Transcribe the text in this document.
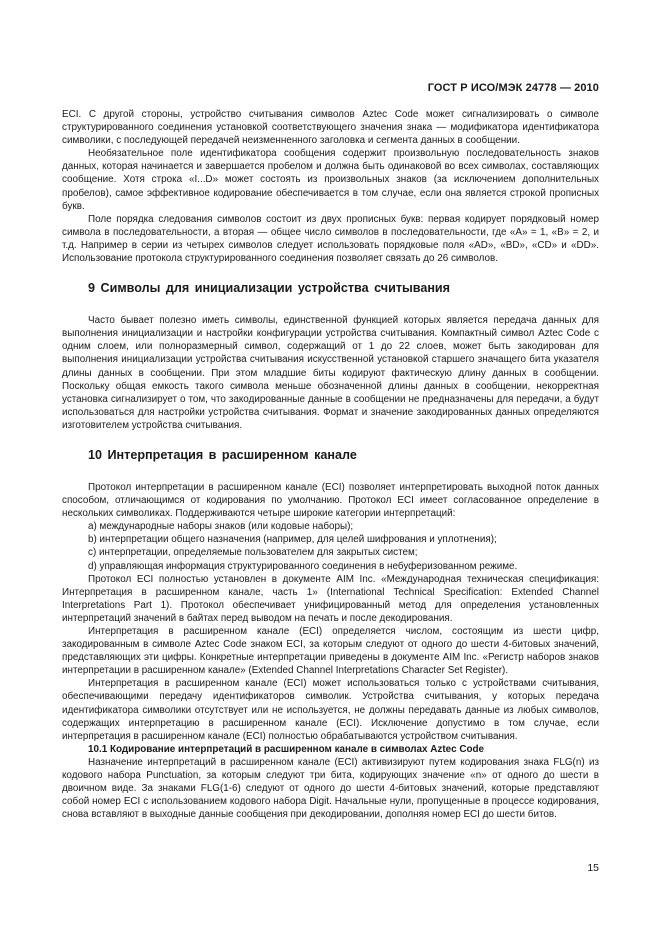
ГОСТ Р ИСО/МЭК 24778 — 2010

ECI. С другой стороны, устройство считывания символов Aztec Code может сигнализировать о символе структурированного соединения установкой соответствующего значения знака — модификатора идентификатора символики, с последующей передачей неизменненного заголовка и сегмента данных в сообщении.

Необязательное поле идентификатора сообщения содержит произвольную последовательность знаков данных, которая начинается и завершается пробелом и должна быть одинаковой во всех символах, составляющих сообщение. Хотя строка «I...D» может состоять из произвольных знаков (за исключением дополнительных пробелов), самое эффективное кодирование обеспечивается в том случае, если она является строкой прописных букв.

Поле порядка следования символов состоит из двух прописных букв: первая кодирует порядковый номер символа в последовательности, а вторая — общее число символов в последовательности, где «A» = 1, «B» = 2, и т.д. Например в серии из четырех символов следует использовать порядковые поля «AD», «BD», «CD» и «DD». Использование протокола структурированного соединения позволяет связать до 26 символов.

9 Символы для инициализации устройства считывания

Часто бывает полезно иметь символы, единственной функцией которых является передача данных для выполнения инициализации и настройки конфигурации устройства считывания. Компактный символ Aztec Code с одним слоем, или полноразмерный символ, содержащий от 1 до 22 слоев, может быть закодирован для выполнения инициализации устройства считывания искусственной установкой старшего значащего бита указателя длины данных в сообщении. При этом младшие биты кодируют фактическую длину данных в сообщении. Поскольку общая емкость такого символа меньше обозначенной длины данных в сообщении, некорректная установка сигнализирует о том, что закодированные данные в сообщении не предназначены для передачи, а будут использоваться для настройки устройства считывания. Формат и значение закодированных данных определяются изготовителем устройства считывания.

10 Интерпретация в расширенном канале

Протокол интерпретации в расширенном канале (ECI) позволяет интерпретировать выходной поток данных способом, отличающимся от кодирования по умолчанию. Протокол ECI имеет согласованное определение в нескольких символиках. Поддерживаются четыре широкие категории интерпретаций:

a) международные наборы знаков (или кодовые наборы);

b) интерпретации общего назначения (например, для целей шифрования и уплотнения);

c) интерпретации, определяемые пользователем для закрытых систем;

d) управляющая информация структурированного соединения в небуферизованном режиме.

Протокол ECI полностью установлен в документе AIM Inc. «Международная техническая спецификация: Интерпретация в расширенном канале, часть 1» (International Technical Specification: Extended Channel Interpretations Part 1). Протокол обеспечивает унифицированный метод для определения установленных интерпретаций значений в байтах перед выводом на печать и после декодирования.

Интерпретация в расширенном канале (ECI) определяется числом, состоящим из шести цифр, закодированным в символе Aztec Code знаком ECI, за которым следуют от одного до шести 4-битовых значений, представляющих эти цифры. Конкретные интерпретации приведены в документе AIM Inc. «Регистр наборов знаков интерпретации в расширенном канале» (Extended Channel Interpretations Character Set Register).

Интерпретация в расширенном канале (ECI) может использоваться только с устройствами считывания, обеспечивающими передачу идентификаторов символик. Устройства считывания, у которых передача идентификатора символики отсутствует или не используется, не должны передавать данные из любых символов, содержащих интерпретацию в расширенном канале (ECI). Исключение допустимо в том случае, если интерпретация в расширенном канале (ECI) полностью обрабатываются устройством считывания.

10.1 Кодирование интерпретаций в расширенном канале в символах Aztec Code

Назначение интерпретаций в расширенном канале (ECI) активизируют путем кодирования знака FLG(n) из кодового набора Punctuation, за которым следуют три бита, кодирующих значение «n» от одного до шести в двоичном виде. За знаками FLG(1-6) следуют от одного до шести 4-битовых значений, которые представляют собой номер ECI с использованием кодового набора Digit. Начальные нули, пропущенные в процессе кодирования, снова вставляют в выходные данные сообщения при декодировании, дополняя номер ECI до шести битов.

15
